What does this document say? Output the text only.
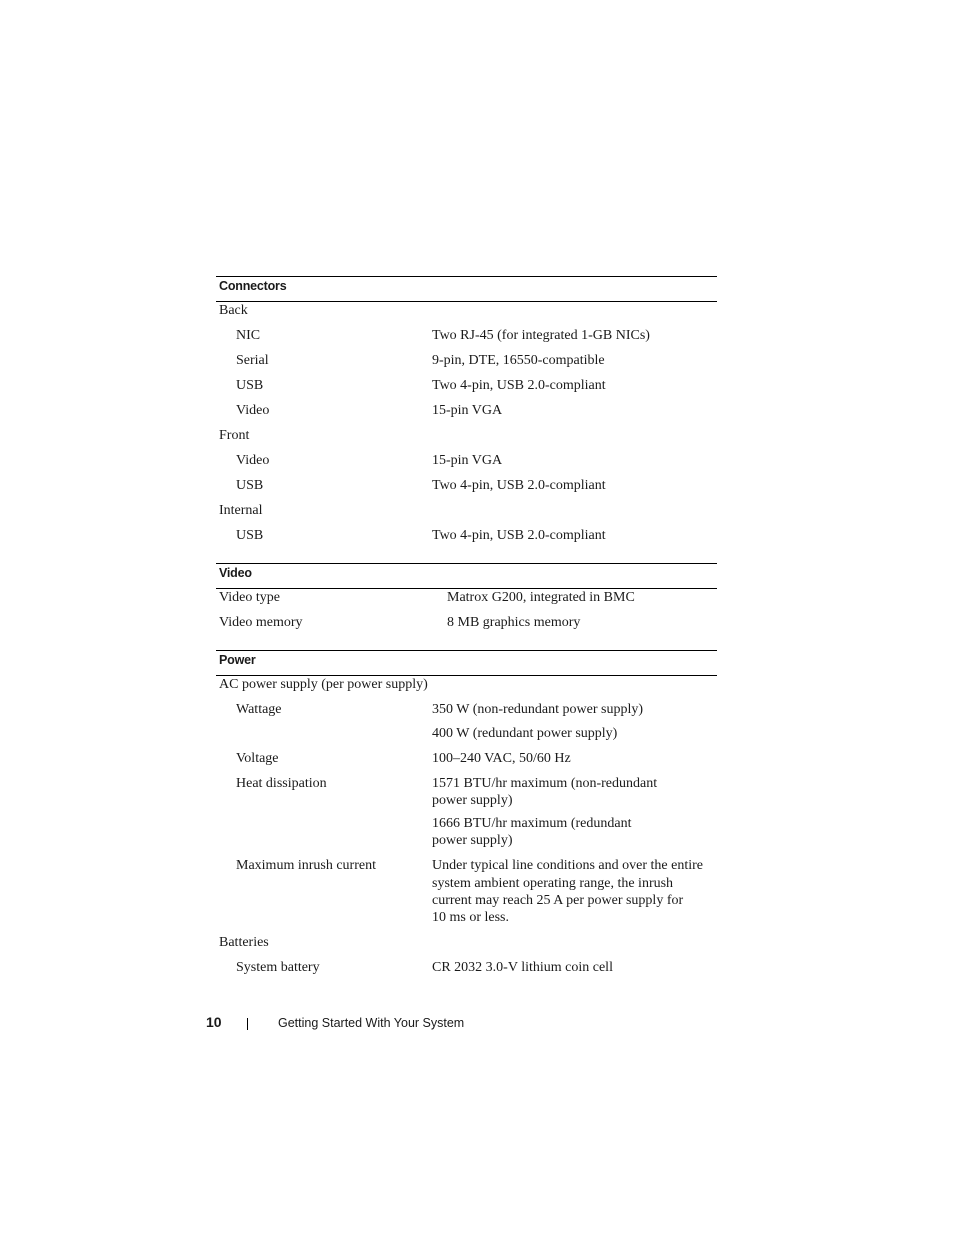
Connectors
Back
NIC	Two RJ-45 (for integrated 1-GB NICs)
Serial	9-pin, DTE, 16550-compatible
USB	Two 4-pin, USB 2.0-compliant
Video	15-pin VGA
Front
Video	15-pin VGA
USB	Two 4-pin, USB 2.0-compliant
Internal
USB	Two 4-pin, USB 2.0-compliant
Video
Video type	Matrox G200, integrated in BMC
Video memory	8 MB graphics memory
Power
AC power supply (per power supply)
Wattage	350 W (non-redundant power supply)
400 W (redundant power supply)
Voltage	100–240 VAC, 50/60 Hz
Heat dissipation	1571 BTU/hr maximum (non-redundant
power supply)
1666 BTU/hr maximum (redundant
power supply)
Maximum inrush current	Under typical line conditions and over the entire
system ambient operating range, the inrush
current may reach 25 A per power supply for
10 ms or less.
Batteries
System battery	CR 2032 3.0-V lithium coin cell
10	Getting Started With Your System
